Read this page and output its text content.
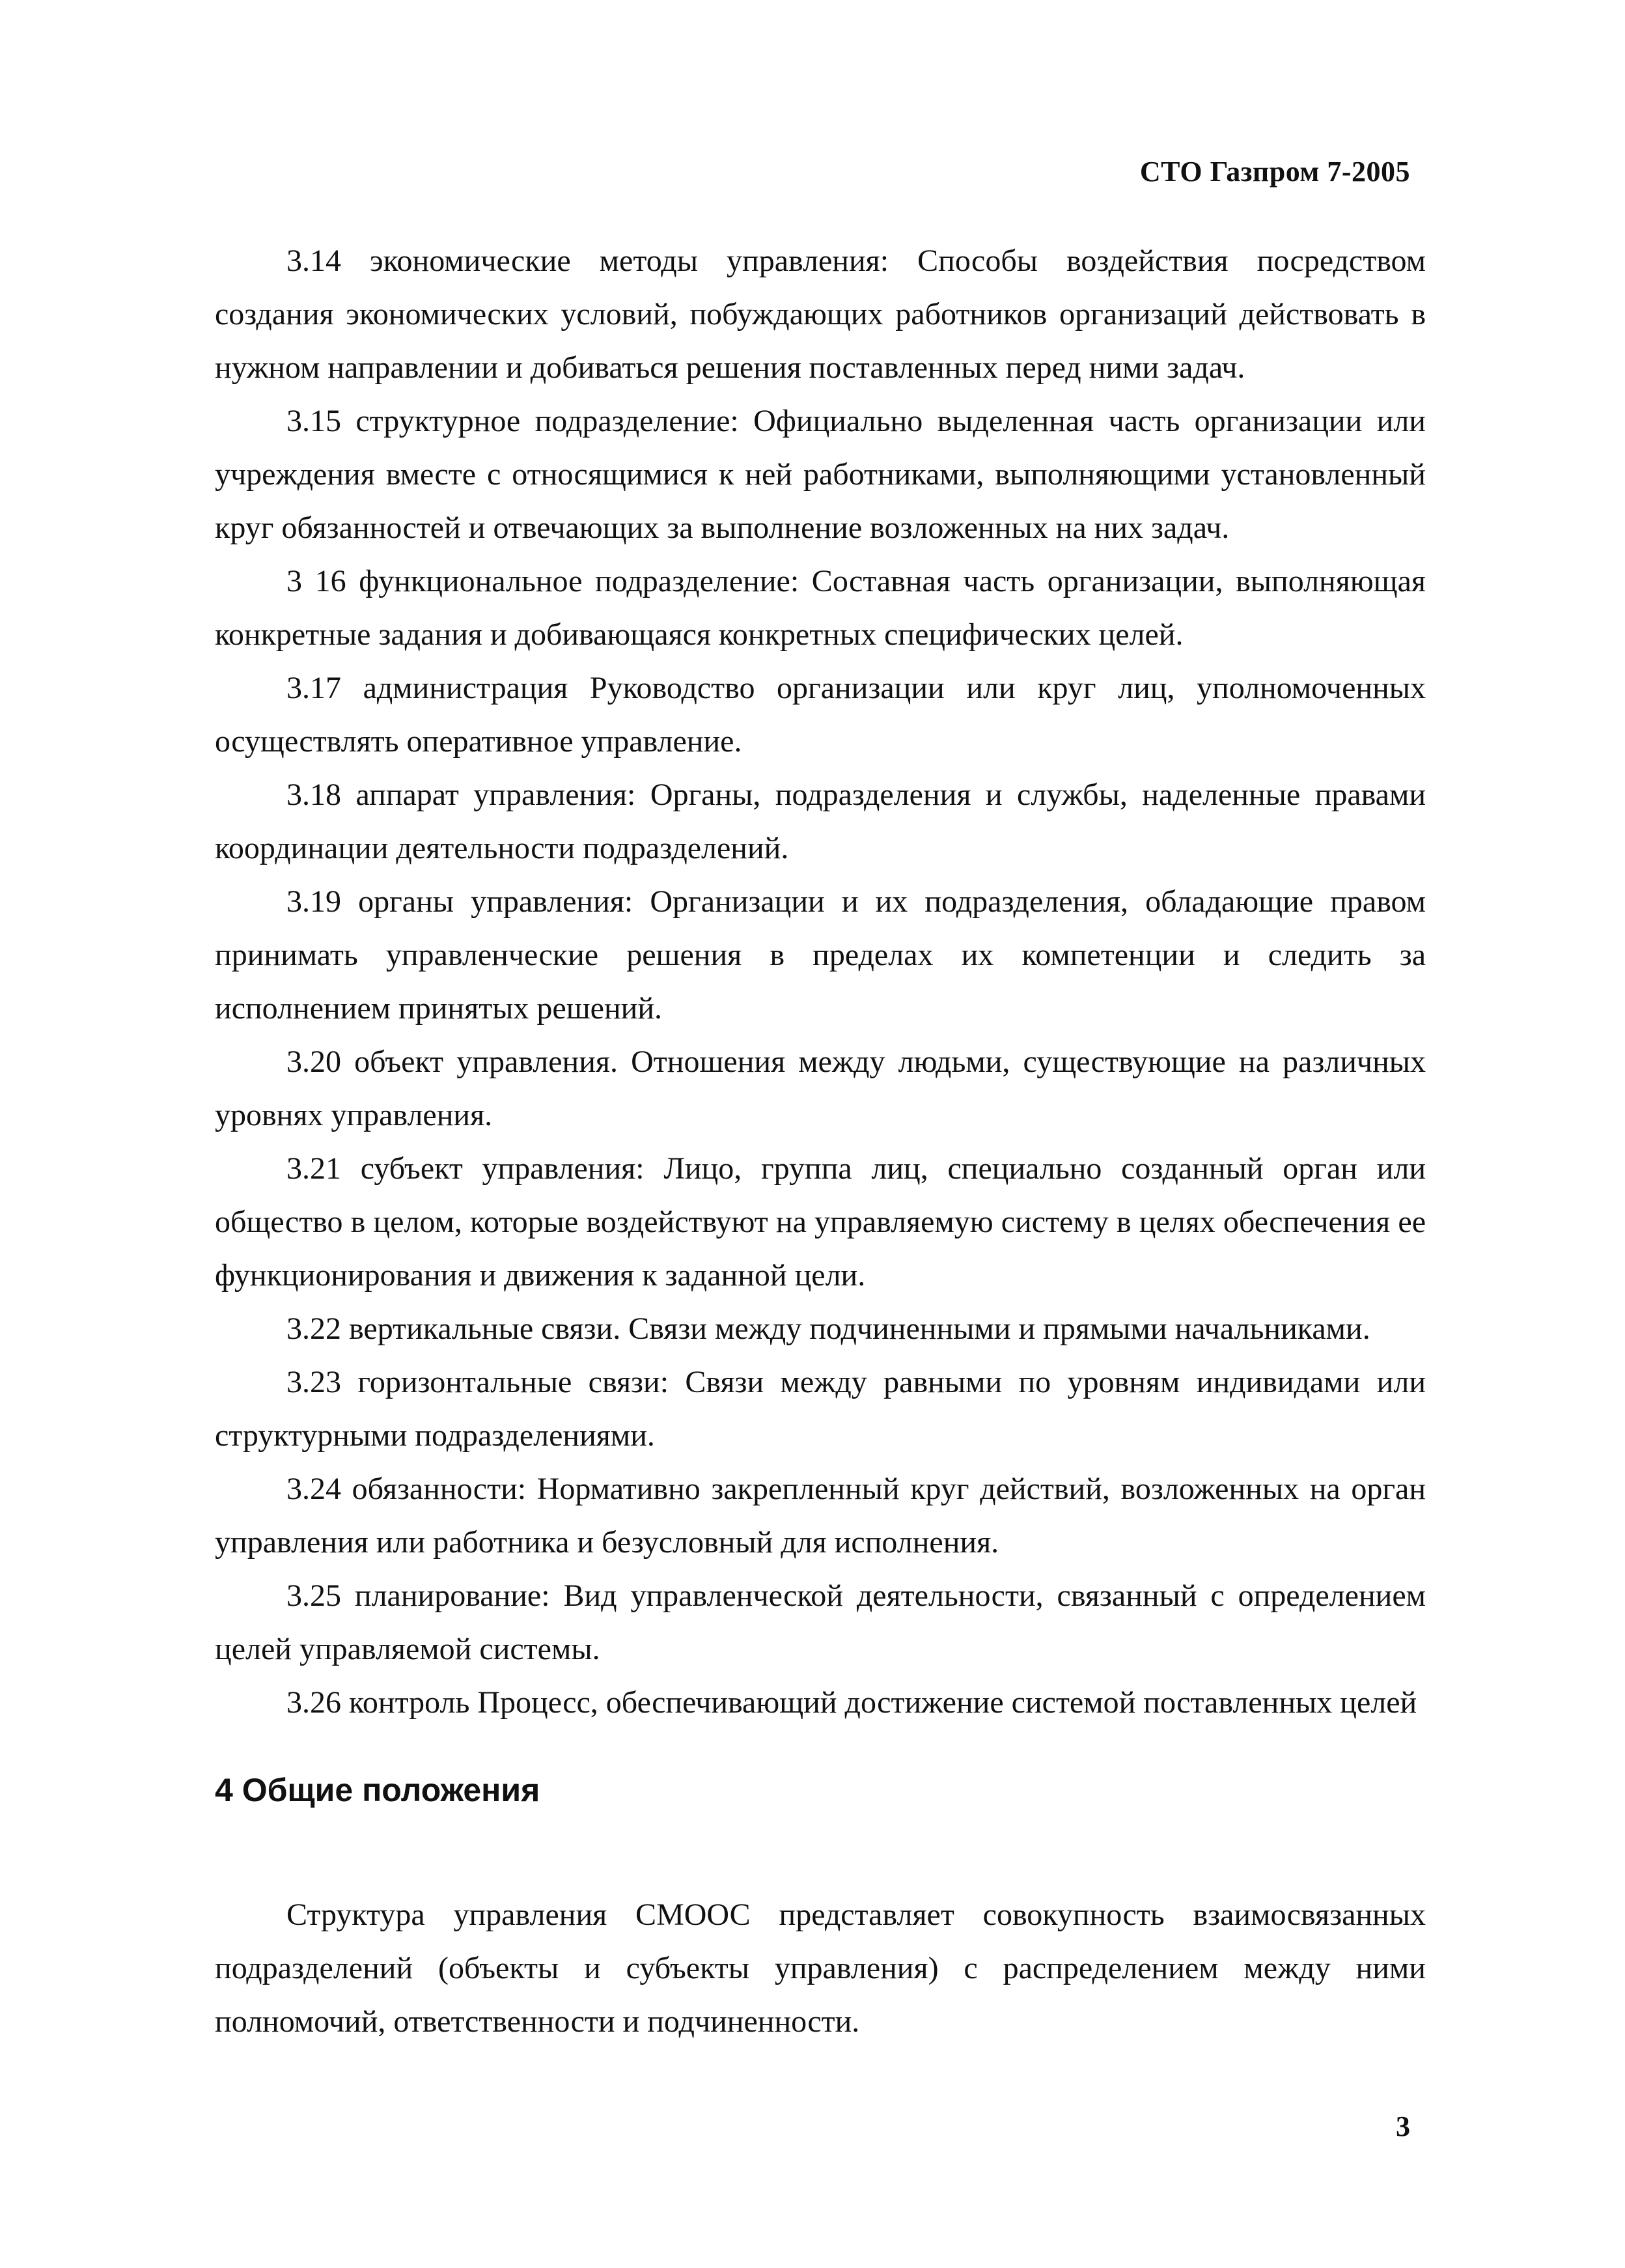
СТО Газпром 7-2005
3.14 экономические методы управления: Способы воздействия посредством создания экономических условий, побуждающих работников организаций действовать в нужном направлении и добиваться решения поставленных перед ними задач.
3.15 структурное подразделение: Официально выделенная часть организации или учреждения вместе с относящимися к ней работниками, выполняющими установленный круг обязанностей и отвечающих за выполнение возложенных на них задач.
3 16 функциональное подразделение: Составная часть организации, выполняющая конкретные задания и добивающаяся конкретных специфических целей.
3.17 администрация Руководство организации или круг лиц, уполномоченных осуществлять оперативное управление.
3.18 аппарат управления: Органы, подразделения и службы, наделенные правами координации деятельности подразделений.
3.19 органы управления: Организации и их подразделения, обладающие правом принимать управленческие решения в пределах их компетенции и следить за исполнением принятых решений.
3.20 объект управления. Отношения между людьми, существующие на различных уровнях управления.
3.21 субъект управления: Лицо, группа лиц, специально созданный орган или общество в целом, которые воздействуют на управляемую систему в целях обеспечения ее функционирования и движения к заданной цели.
3.22 вертикальные связи. Связи между подчиненными и прямыми начальниками.
3.23 горизонтальные связи: Связи между равными по уровням индивидами или структурными подразделениями.
3.24 обязанности: Нормативно закрепленный круг действий, возложенных на орган управления или работника и безусловный для исполнения.
3.25 планирование: Вид управленческой деятельности, связанный с определением целей управляемой системы.
3.26 контроль Процесс, обеспечивающий достижение системой поставленных целей
4 Общие положения
Структура управления СМООС представляет совокупность взаимосвязанных подразделений (объекты и субъекты управления) с распределением между ними полномочий, ответственности и подчиненности.
3
